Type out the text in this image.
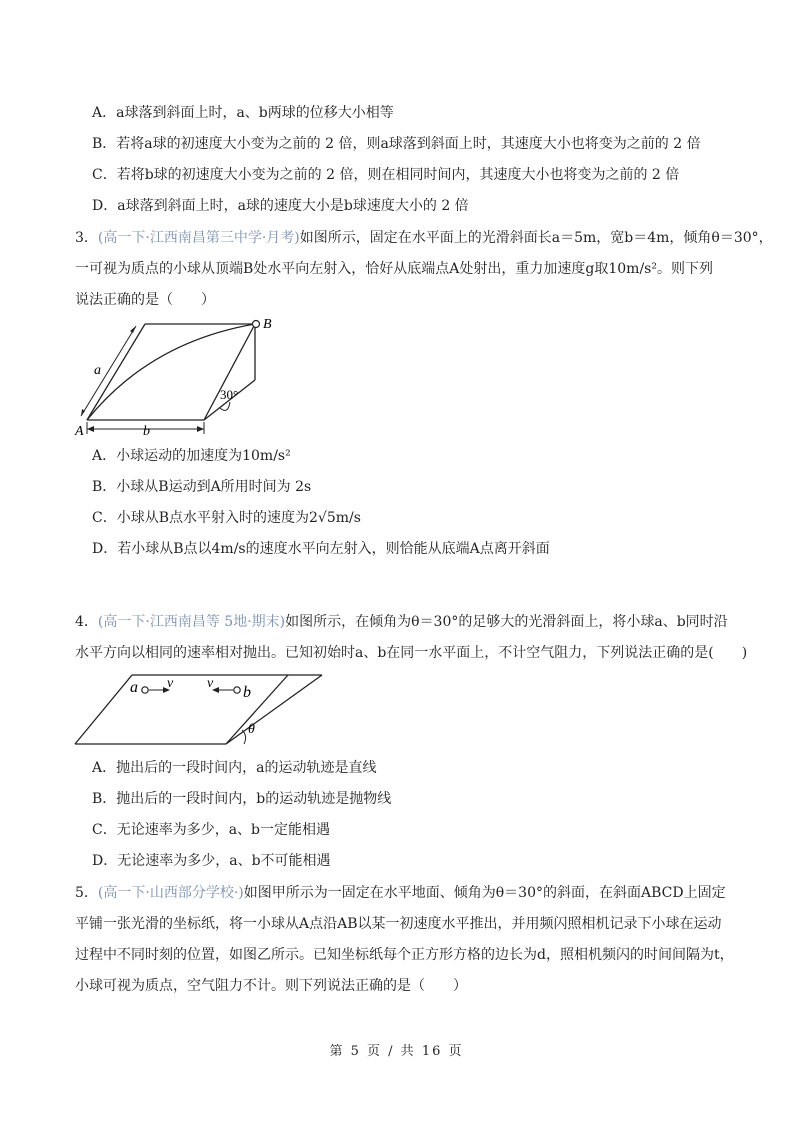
A．a球落到斜面上时，a、b两球的位移大小相等
B．若将a球的初速度大小变为之前的 2 倍，则a球落到斜面上时，其速度大小也将变为之前的 2 倍
C．若将b球的初速度大小变为之前的 2 倍，则在相同时间内，其速度大小也将变为之前的 2 倍
D．a球落到斜面上时，a球的速度大小是b球速度大小的 2 倍
3．(高一下·江西南昌第三中学·月考)如图所示，固定在水平面上的光滑斜面长a＝5m，宽b＝4m，倾角θ＝30°，
一可视为质点的小球从顶端B处水平向左射入，恰好从底端点A处射出，重力加速度g取10m/s²。则下列
说法正确的是（　　）
B
a
A	b
30°
A．小球运动的加速度为10m/s²
B．小球从B运动到A所用时间为 2s
C．小球从B点水平射入时的速度为2√5m/s
D．若小球从B点以4m/s的速度水平向左射入，则恰能从底端A点离开斜面
4．(高一下·江西南昌等 5地·期末)如图所示，在倾角为θ＝30°的足够大的光滑斜面上，将小球a、b同时沿
水平方向以相同的速率相对抛出。已知初始时a、b在同一水平面上，不计空气阻力，下列说法正确的是(　　)
a v v
b
θ
A．抛出后的一段时间内，a的运动轨迹是直线
B．抛出后的一段时间内，b的运动轨迹是抛物线
C．无论速率为多少，a、b一定能相遇
D．无论速率为多少，a、b不可能相遇
5．(高一下·山西部分学校·)如图甲所示为一固定在水平地面、倾角为θ＝30°的斜面，在斜面ABCD上固定
平铺一张光滑的坐标纸，将一小球从A点沿AB以某一初速度水平推出，并用频闪照相机记录下小球在运动
过程中不同时刻的位置，如图乙所示。已知坐标纸每个正方形方格的边长为d，照相机频闪的时间间隔为t，
小球可视为质点，空气阻力不计。则下列说法正确的是（　　）
第 5 页 / 共 16 页
